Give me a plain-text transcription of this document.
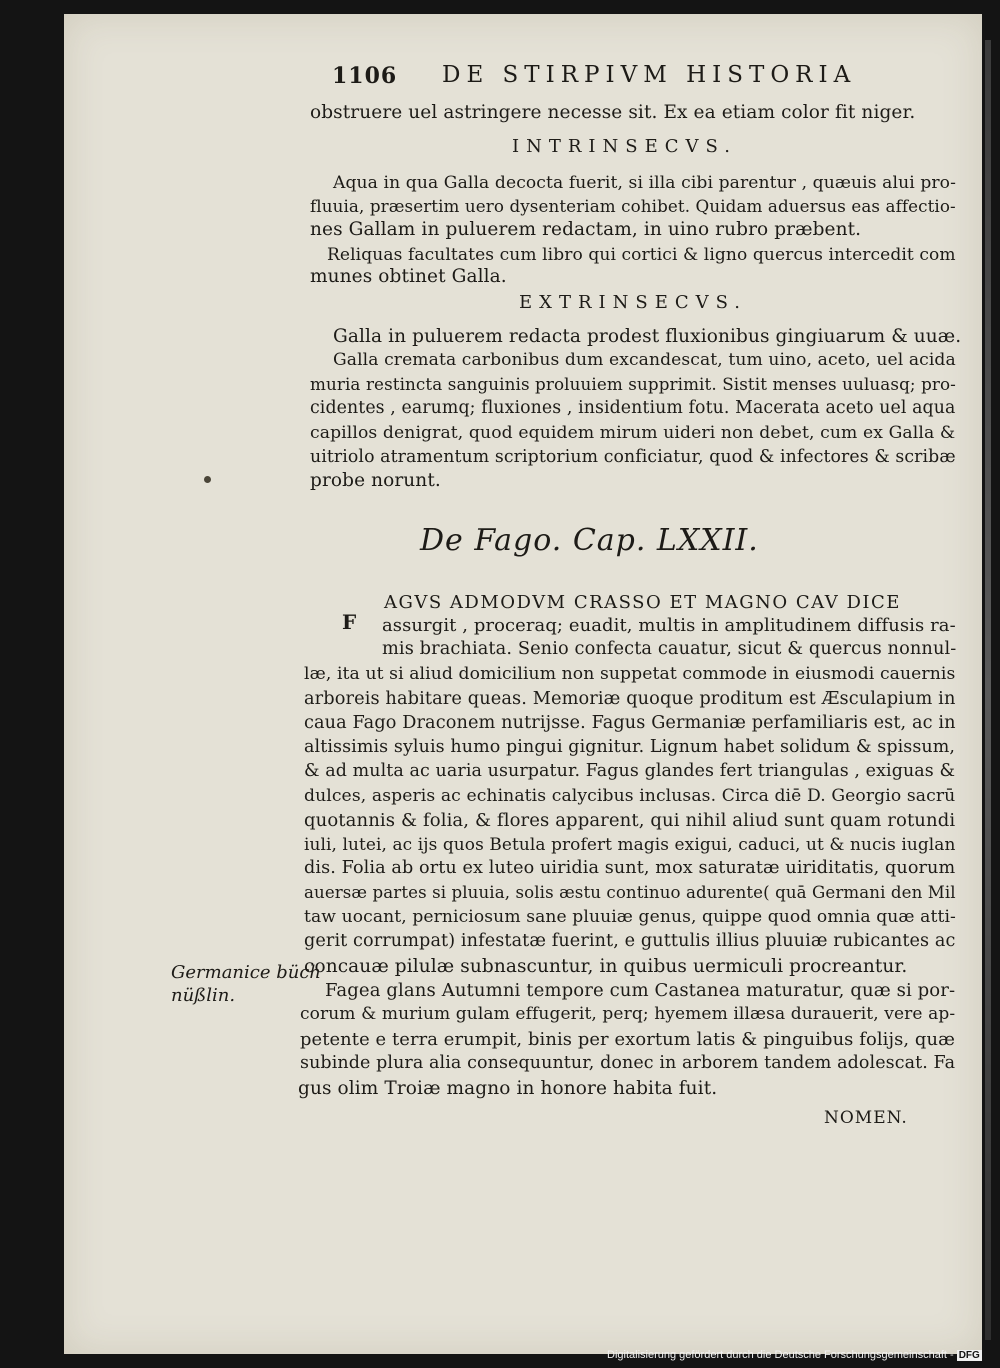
1106 DE STIRPIVM HISTORIA
obstruere uel astringere necesse sit. Ex ea etiam color fit niger.
INTRINSECVS.
Aqua in qua Galla decocta fuerit, si illa cibi parentur , quæuis alui pro-
fluuia, præsertim uero dysenteriam cohibet. Quidam aduersus eas affectio-
nes Gallam in puluerem redactam, in uino rubro præbent.
Reliquas facultates cum libro qui cortici & ligno quercus intercedit com
munes obtinet Galla.
EXTRINSECVS.
Galla in puluerem redacta prodest fluxionibus gingiuarum & uuæ.
Galla cremata carbonibus dum excandescat, tum uino, aceto, uel acida
muria restincta sanguinis proluuiem supprimit. Sistit menses uuluasq; pro-
cidentes , earumq; fluxiones , insidentium fotu. Macerata aceto uel aqua
capillos denigrat, quod equidem mirum uideri non debet, cum ex Galla &
uitriolo atramentum scriptorium conficiatur, quod & infectores & scribæ
probe norunt.
De Fago. Cap. LXXII.
AGVS ADMODVM CRASSO ET MAGNO CAV DICE
F assurgit , proceraq; euadit, multis in amplitudinem diffusis ra-
mis brachiata. Senio confecta cauatur, sicut & quercus nonnul-
læ, ita ut si aliud domicilium non suppetat commode in eiusmodi cauernis
arboreis habitare queas. Memoriæ quoque proditum est Æsculapium in
caua Fago Draconem nutrijsse. Fagus Germaniæ perfamiliaris est, ac in
altissimis syluis humo pingui gignitur. Lignum habet solidum & spissum,
& ad multa ac uaria usurpatur. Fagus glandes fert triangulas , exiguas &
dulces, asperis ac echinatis calycibus inclusas. Circa diē D. Georgio sacrū
quotannis & folia, & flores apparent, qui nihil aliud sunt quam rotundi
iuli, lutei, ac ijs quos Betula profert magis exigui, caduci, ut & nucis iuglan
dis. Folia ab ortu ex luteo uiridia sunt, mox saturatæ uiriditatis, quorum
auersæ partes si pluuia, solis æstu continuo adurente( quā Germani den Mil
taw uocant, perniciosum sane pluuiæ genus, quippe quod omnia quæ atti-
gerit corrumpat) infestatæ fuerint, e guttulis illius pluuiæ rubicantes ac
concauæ pilulæ subnascuntur, in quibus uermiculi procreantur.
Fagea glans Autumni tempore cum Castanea maturatur, quæ si por-
corum & murium gulam effugerit, perq; hyemem illæsa durauerit, vere ap-
petente e terra erumpit, binis per exortum latis & pinguibus folijs, quæ
subinde plura alia consequuntur, donec in arborem tandem adolescat. Fa
gus olim Troiæ magno in honore habita fuit.
Germanice büch
nüßlin.
NOMEN.
Digitalisierung gefördert durch die Deutsche Forschungsgemeinschaft - DFG
